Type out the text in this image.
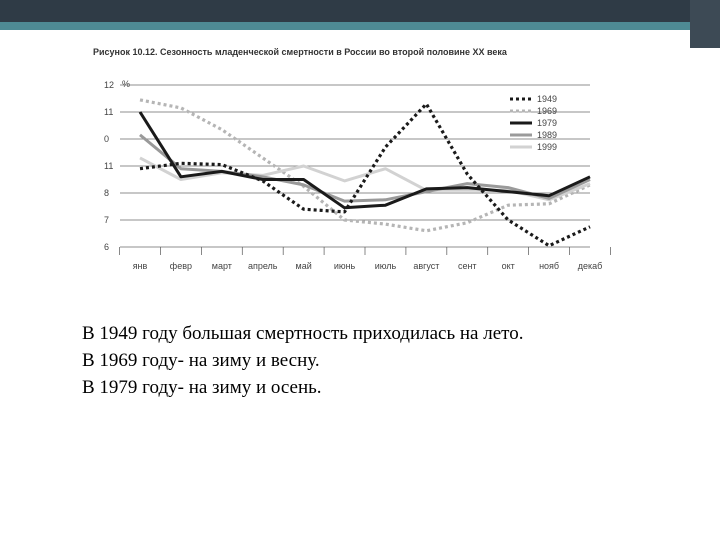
Рисунок 10.12. Сезонность младенческой смертности в России во второй половине XX века
%
6
7
8
11
0
11
12
янв февр март апрель май июнь июль август сент	окт	нояб декаб
1949
1969
1979
1989
1999

В 1949 году большая смертность приходилась на лето.

В 1969 году- на зиму и весну.

В 1979 году- на зиму и осень.
